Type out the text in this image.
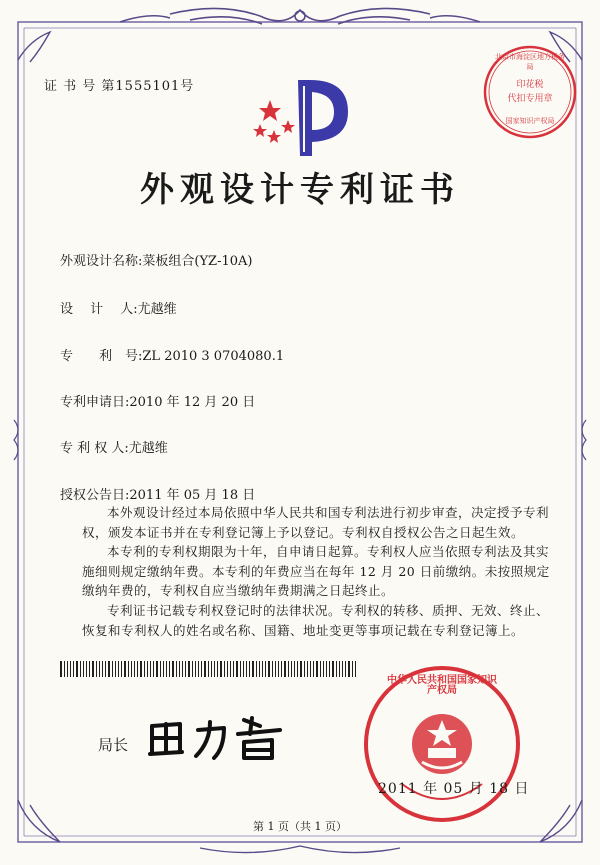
证 书 号 第1555101号
北京市海淀区地方税务局
印花税
代扣专用章
国家知识产权局
外观设计专利证书
外观设计名称:菜板组合(YZ-10A)
设　 计　 人:尤越维
专　　利　号:ZL 2010 3 0704080.1
专利申请日:2010 年 12 月 20 日
专 利 权 人:尤越维
授权公告日:2011 年 05 月 18 日

本外观设计经过本局依照中华人民共和国专利法进行初步审查，决定授予专利权，颁发本证书并在专利登记簿上予以登记。专利权自授权公告之日起生效。

本专利的专利权期限为十年，自申请日起算。专利权人应当依照专利法及其实施细则规定缴纳年费。本专利的年费应当在每年 12 月 20 日前缴纳。未按照规定缴纳年费的，专利权自应当缴纳年费期满之日起终止。

专利证书记载专利权登记时的法律状况。专利权的转移、质押、无效、终止、恢复和专利权人的姓名或名称、国籍、地址变更等事项记载在专利登记簿上。

局长
中华人民共和国国家知识产权局
2011 年 05 月 18 日
第 1 页（共 1 页）
